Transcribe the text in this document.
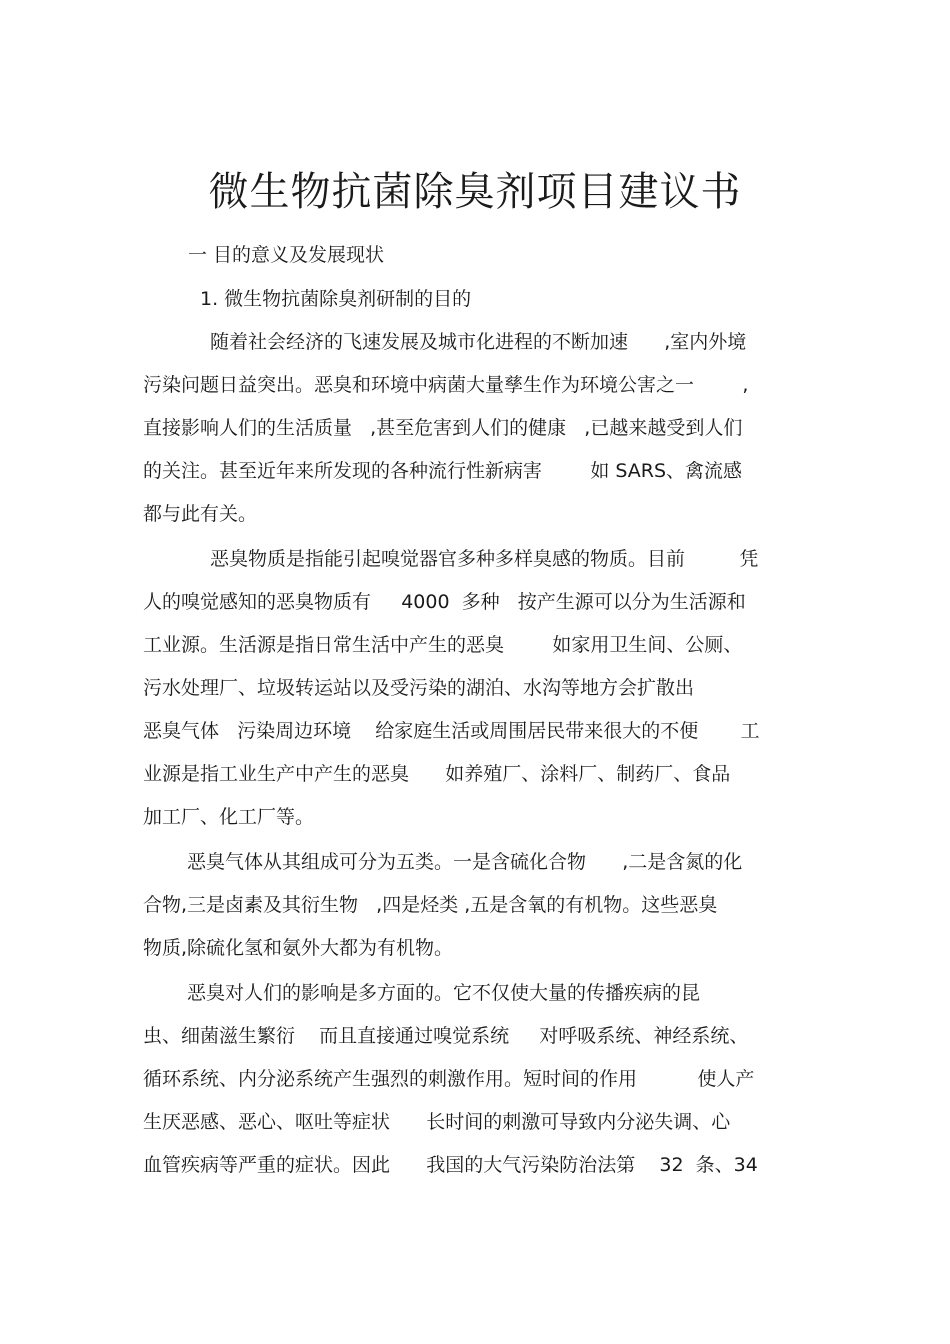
微生物抗菌除臭剂项目建议书
一 目的意义及发展现状
1. 微生物抗菌除臭剂研制的目的
随着社会经济的飞速发展及城市化进程的不断加速      ,室内外境
污染问题日益突出。恶臭和环境中病菌大量孳生作为环境公害之一        ,
直接影响人们的生活质量   ,甚至危害到人们的健康   ,已越来越受到人们
的关注。甚至近年来所发现的各种流行性新病害        如 SARS、禽流感
都与此有关。
恶臭物质是指能引起嗅觉器官多种多样臭感的物质。目前         凭
人的嗅觉感知的恶臭物质有     4000  多种   按产生源可以分为生活源和
工业源。生活源是指日常生活中产生的恶臭        如家用卫生间、公厕、
污水处理厂、垃圾转运站以及受污染的湖泊、水沟等地方会扩散出
恶臭气体   污染周边环境    给家庭生活或周围居民带来很大的不便       工
业源是指工业生产中产生的恶臭      如养殖厂、涂料厂、制药厂、食品
加工厂、化工厂等。
恶臭气体从其组成可分为五类。一是含硫化合物      ,二是含氮的化
合物,三是卤素及其衍生物   ,四是烃类 ,五是含氧的有机物。这些恶臭
物质,除硫化氢和氨外大都为有机物。
恶臭对人们的影响是多方面的。它不仅使大量的传播疾病的昆
虫、细菌滋生繁衍    而且直接通过嗅觉系统     对呼吸系统、神经系统、
循环系统、内分泌系统产生强烈的刺激作用。短时间的作用          使人产
生厌恶感、恶心、呕吐等症状      长时间的刺激可导致内分泌失调、心
血管疾病等严重的症状。因此      我国的大气污染防治法第    32  条、34
